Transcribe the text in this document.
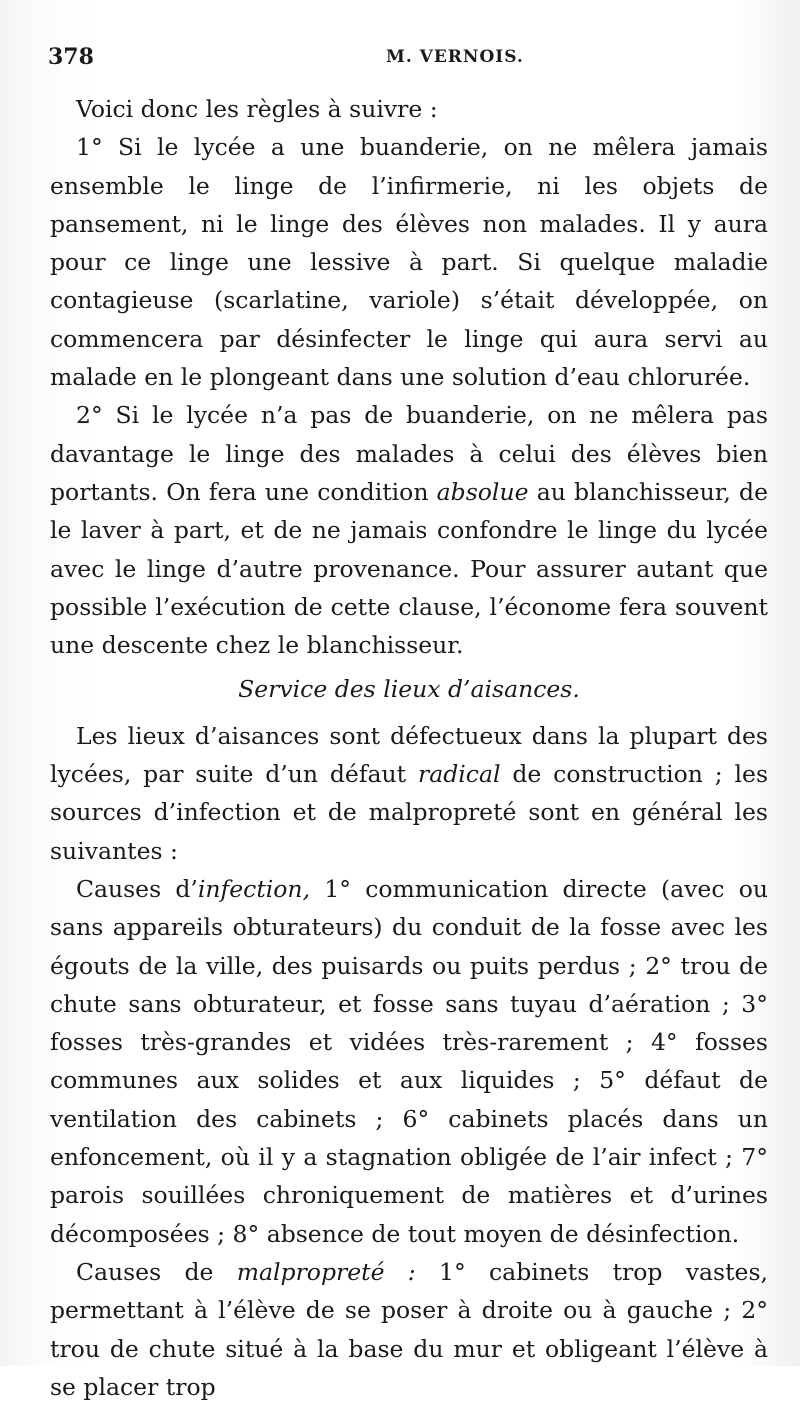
378	M. VERNOIS.

Voici donc les règles à suivre :

1° Si le lycée a une buanderie, on ne mêlera jamais ensemble le linge de l’infirmerie, ni les objets de pansement, ni le linge des élèves non malades. Il y aura pour ce linge une lessive à part. Si quelque maladie contagieuse (scarlatine, variole) s’était développée, on commencera par désinfecter le linge qui aura servi au malade en le plongeant dans une solution d’eau chlorurée.

2° Si le lycée n’a pas de buanderie, on ne mêlera pas davantage le linge des malades à celui des élèves bien portants. On fera une condition absolue au blanchisseur, de le laver à part, et de ne jamais confondre le linge du lycée avec le linge d’autre provenance. Pour assurer autant que possible l’exécution de cette clause, l’économe fera souvent une descente chez le blanchisseur.

Service des lieux d’aisances.

Les lieux d’aisances sont défectueux dans la plupart des lycées, par suite d’un défaut radical de construction ; les sources d’infection et de malpropreté sont en général les suivantes :

Causes d’infection, 1° communication directe (avec ou sans appareils obturateurs) du conduit de la fosse avec les égouts de la ville, des puisards ou puits perdus ; 2° trou de chute sans obturateur, et fosse sans tuyau d’aération ; 3° fosses très-grandes et vidées très-rarement ; 4° fosses communes aux solides et aux liquides ; 5° défaut de ventilation des cabinets ; 6° cabinets placés dans un enfoncement, où il y a stagnation obligée de l’air infect ; 7° parois souillées chroniquement de matières et d’urines décomposées ; 8° absence de tout moyen de désinfection.

Causes de malpropreté : 1° cabinets trop vastes, permettant à l’élève de se poser à droite ou à gauche ; 2° trou de chute situé à la base du mur et obligeant l’élève à se placer trop
